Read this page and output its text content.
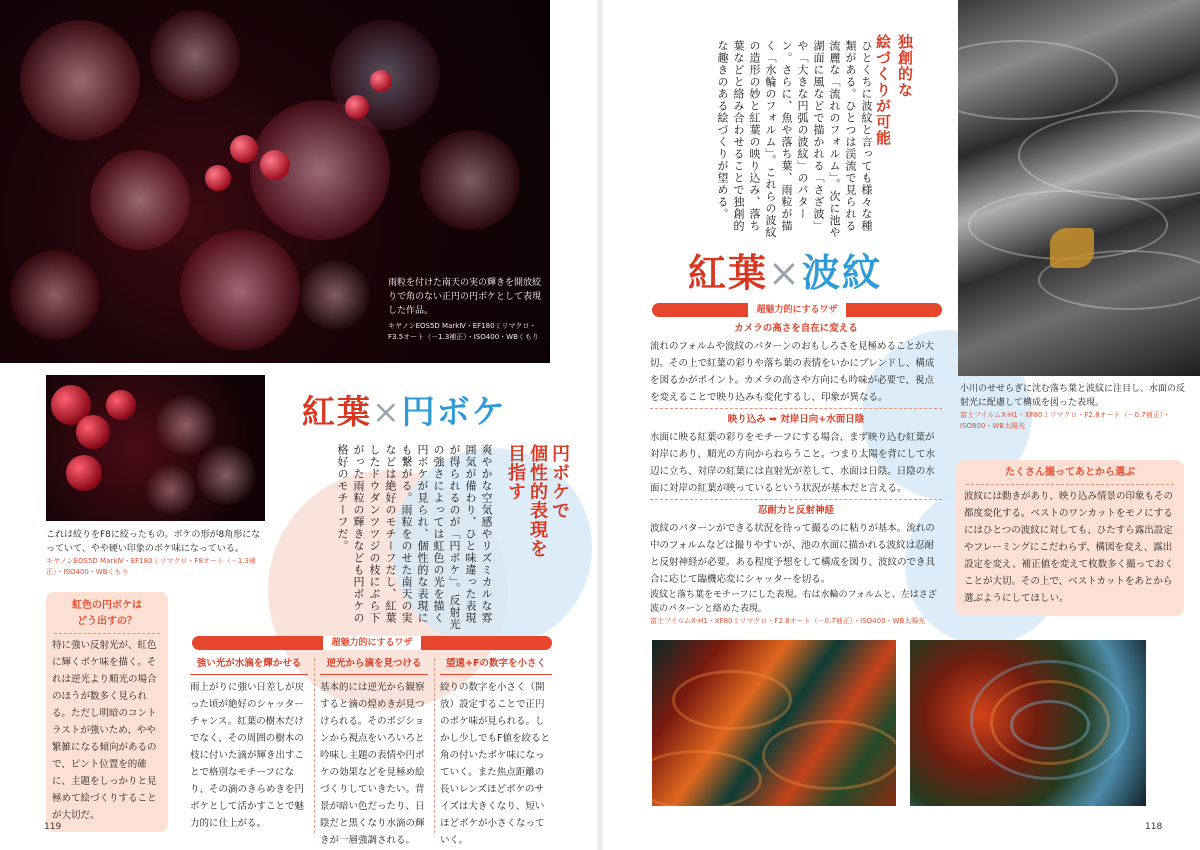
雨粒を付けた南天の実の輝きを開放絞りで角のない正円の円ボケとして表現した作品。
キヤノンEOS5D MarkⅣ・EF180ミリマクロ・F3.5オート（－1.3補正）・ISO400・WBくもり
これは絞りをF8に絞ったもの。ボケの形が8角形になっていて、やや硬い印象のボケ味になっている。
キヤノンEOS5D MarkⅣ・EF180ミリマクロ・F8オート（－1.3補正）・ISO400・WBくもり
紅葉×円ボケ
円ボケで
個性的表現を
目指す
爽やかな空気感やリズミカルな雰囲気が備わり、ひと味違った表現が得られるのが「円ボケ」。反射光の強さによっては虹色の光を描く円ボケが見られ、個性的な表現にも繋がる。雨粒をのせた南天の実などは絶好のモチーフだし、紅葉したドウダンツツジの枝にぶら下がった雨粒の輝きなども円ボケの格好のモチーフだ。
虹色の円ボケは
どう出すの？
特に強い反射光が、虹色に輝くボケ味を描く。それは逆光より順光の場合のほうが数多く見られる。ただし明暗のコントラストが強いため、やや繁雑になる傾向があるので、ピント位置を的確に、主題をしっかりと見極めて絵づくりすることが大切だ。
超魅力的にするワザ
強い光が水滴を輝かせる
雨上がりに強い日差しが戻った頃が絶好のシャッターチャンス。紅葉の樹木だけでなく、その周囲の樹木の枝に付いた滴が輝き出すことで格別なモチーフになり、その滴のきらめきを円ボケとして活かすことで魅力的に仕上がる。
逆光から滴を見つける
基本的には逆光から観察すると滴の煌めきが見つけられる。そのポジションから視点をいろいろと吟味し主題の表情や円ボケの効果などを見極め絵づくりしていきたい。背景が暗い色だったり、日陰だと黒くなり水滴の輝きが一層強調される。
望遠+Fの数字を小さく
絞りの数字を小さく（開放）設定することで正円のボケ味が見られる。しかし少しでもF値を絞ると角の付いたボケ味になっていく。また焦点距離の長いレンズほどボケのサイズは大きくなり、短いほどボケが小さくなっていく。
119
独創的な
絵づくりが可能
ひとくちに波紋と言っても様々な種類がある。ひとつは渓流で見られる流麗な「流れのフォルム」。次に池や湖面に風などで描かれる「さざ波」や「大きな円弧の波紋」のパターン。さらに、魚や落ち葉、雨粒が描く「水輪のフォルム」。これらの波紋の造形の妙と紅葉の映り込み、落ち葉などと絡み合わせることで独創的な趣きのある絵づくりが望める。
紅葉×波紋
超魅力的にするワザ
カメラの高さを自在に変える
流れのフォルムや波紋のパターンのおもしろさを見極めることが大切。その上で紅葉の彩りや落ち葉の表情をいかにブレンドし、構成を図るかがポイント。カメラの高さや方向にも吟味が必要で、視点を変えることで映り込みも変化するし、印象が異なる。
映り込み ➡ 対岸日向+水面日陰
水面に映る紅葉の彩りをモチーフにする場合、まず映り込む紅葉が対岸にあり、順光の方向からねらうこと。つまり太陽を背にして水辺に立ち、対岸の紅葉には直射光が差して、水面は日陰。日陰の水面に対岸の紅葉が映っているという状況が基本だと言える。
忍耐力と反射神経
波紋のパターンができる状況を待って撮るのに粘りが基本。流れの中のフォルムなどは撮りやすいが、池の水面に描かれる波紋は忍耐と反射神経が必要。ある程度予想をして構成を図り、波紋のでき具合に応じて臨機応変にシャッターを切る。
波紋と落ち葉をモチーフにした表現。右は水輪のフォルムと、左はさざ波のパターンと絡めた表現。
富士フイルムX-H1・XF80ミリマクロ・F2.8オート（－0.7補正）・ISO400・WB太陽光
小川のせせらぎに沈む落ち葉と波紋に注目し、水面の反射光に配慮して構成を図った表現。
富士フイルムX-H1・XF80ミリマクロ・F2.8オート（－0.7補正）・ISO800・WB太陽光
たくさん撮ってあとから選ぶ
波紋には動きがあり、映り込み情景の印象もその都度変化する。ベストのワンカットをモノにするにはひとつの波紋に対しても、ひたすら露出設定やフレーミングにこだわらず、構図を変え、露出設定を変え、補正値を変えて枚数多く撮っておくことが大切。その上で、ベストカットをあとから選ぶようにしてほしい。
118
